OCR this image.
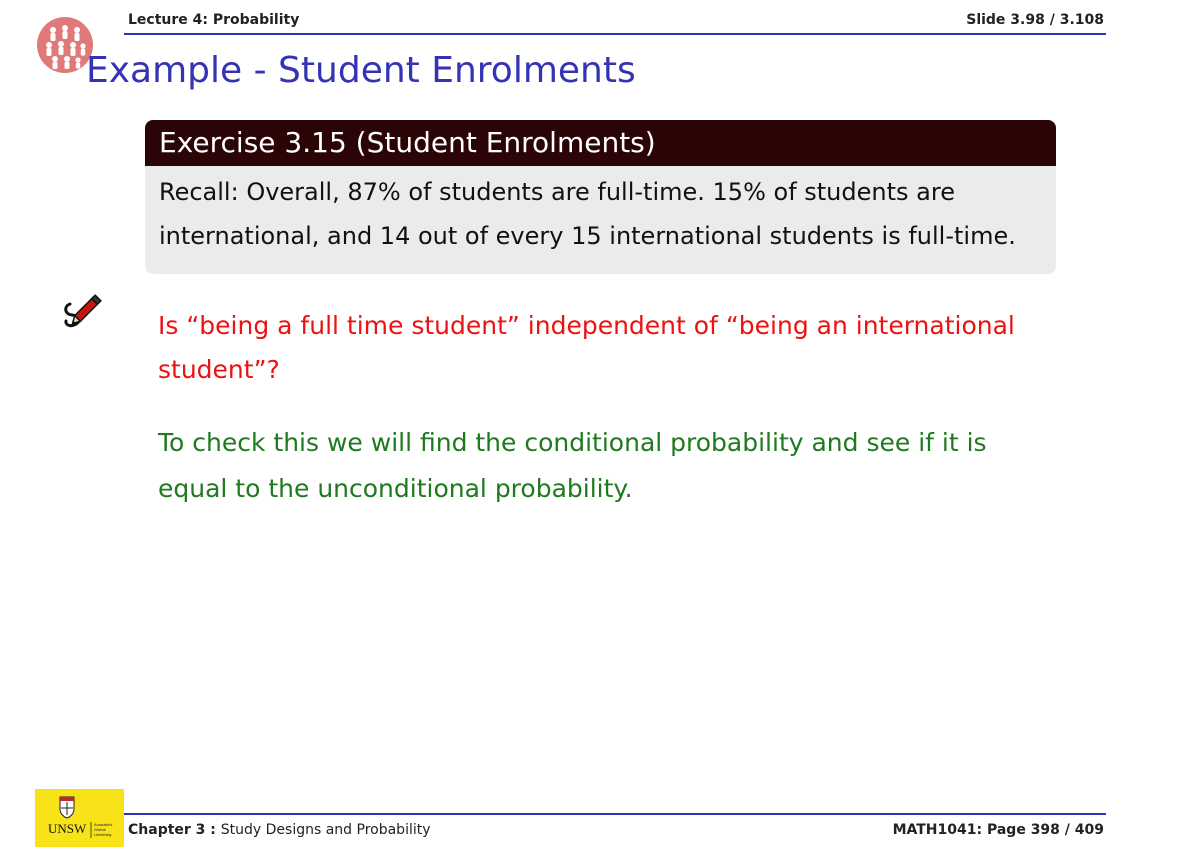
Lecture 4: Probability	Slide 3.98 / 3.108
Example - Student Enrolments
Exercise 3.15 (Student Enrolments)
Recall: Overall, 87% of students are full-time. 15% of students are
international, and 14 out of every 15 international students is full-time.
Is “being a full time student” independent of “being an international
student”?
To check this we will find the conditional probability and see if it is
equal to the unconditional probability.
UNSW Australia's
Global
University Chapter 3 : Study Designs and Probability	MATH1041: Page 398 / 409
